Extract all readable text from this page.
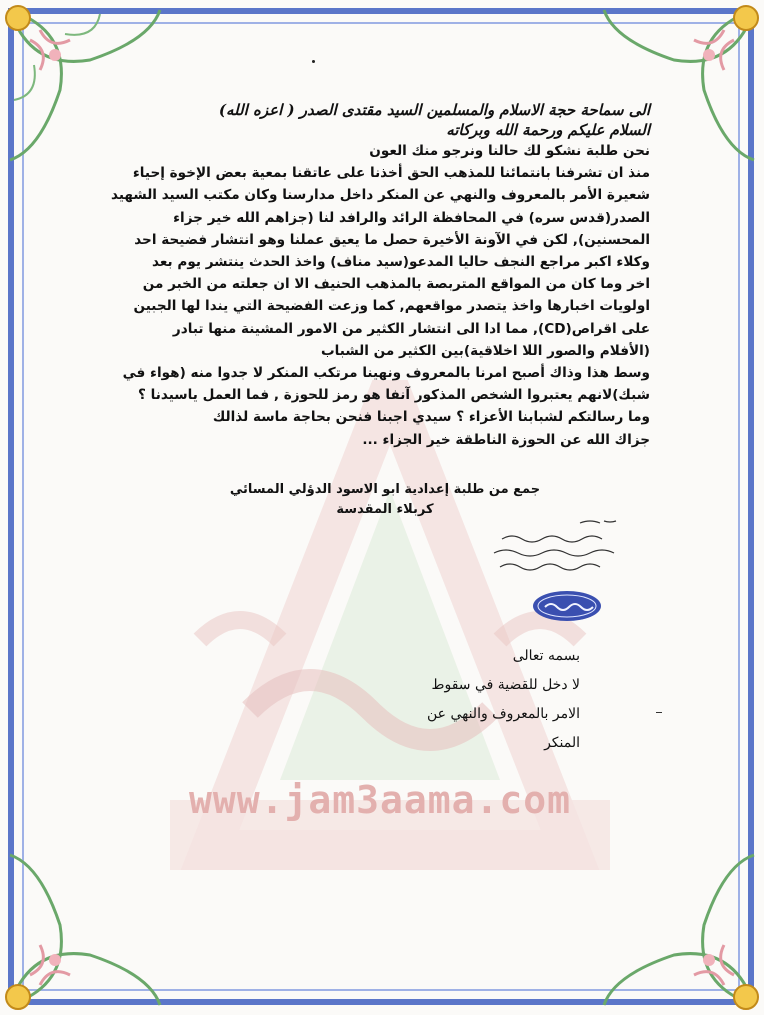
www.jam3aama.com

الى سماحة حجة الاسلام والمسلمين السيد مقتدى الصدر ( اعزه الله)

السلام عليكم ورحمة الله وبركاته

نحن طلبة نشكو لك حالنا ونرجو منك العون
منذ ان تشرفنا بانتمائنا للمذهب الحق أخذنا على عاتقنا بمعية بعض الإخوة إحياء
شعيرة الأمر بالمعروف والنهي عن المنكر داخل مدارسنا وكان مكتب السيد الشهيد
الصدر(قدس سره) في المحافظة الرائد والرافد لنا (جزاهم الله خير جزاء
المحسنين), لكن في الآونة الأخيرة حصل ما يعيق عملنا وهو انتشار فضيحة احد
وكلاء اكبر مراجع النجف حاليا المدعو(سيد مناف) واخذ الحدث ينتشر يوم بعد
اخر وما كان من المواقع المتربصة بالمذهب الحنيف الا ان جعلته من الخبر من
اولويات اخبارها واخذ يتصدر مواقعهم, كما وزعت الفضيحة التي يندا لها الجبين
على اقراص(CD), مما ادا الى انتشار الكثير من الامور المشينة منها تبادر
(الأفلام والصور اللا اخلاقية)بين الكثير من الشباب
وسط هذا وذاك أصبح امرنا بالمعروف ونهينا مرتكب المنكر لا جدوا منه (هواء في
شبك)لانهم يعتبروا الشخص المذكور آنفا هو رمز للحوزة , فما العمل ياسيدنا ؟
وما رسالتكم لشبابنا الأعزاء ؟ سيدي اجبنا فنحن بحاجة ماسة لذالك
جزاك الله عن الحوزة الناطقة خير الجزاء ...
جمع من طلبة إعدادية ابو الاسود الدؤلي المسائي
كربلاء المقدسة
بسمه تعالى
لا دخل للقضية في سقوط
الامر بالمعروف والنهي عن المنكر
